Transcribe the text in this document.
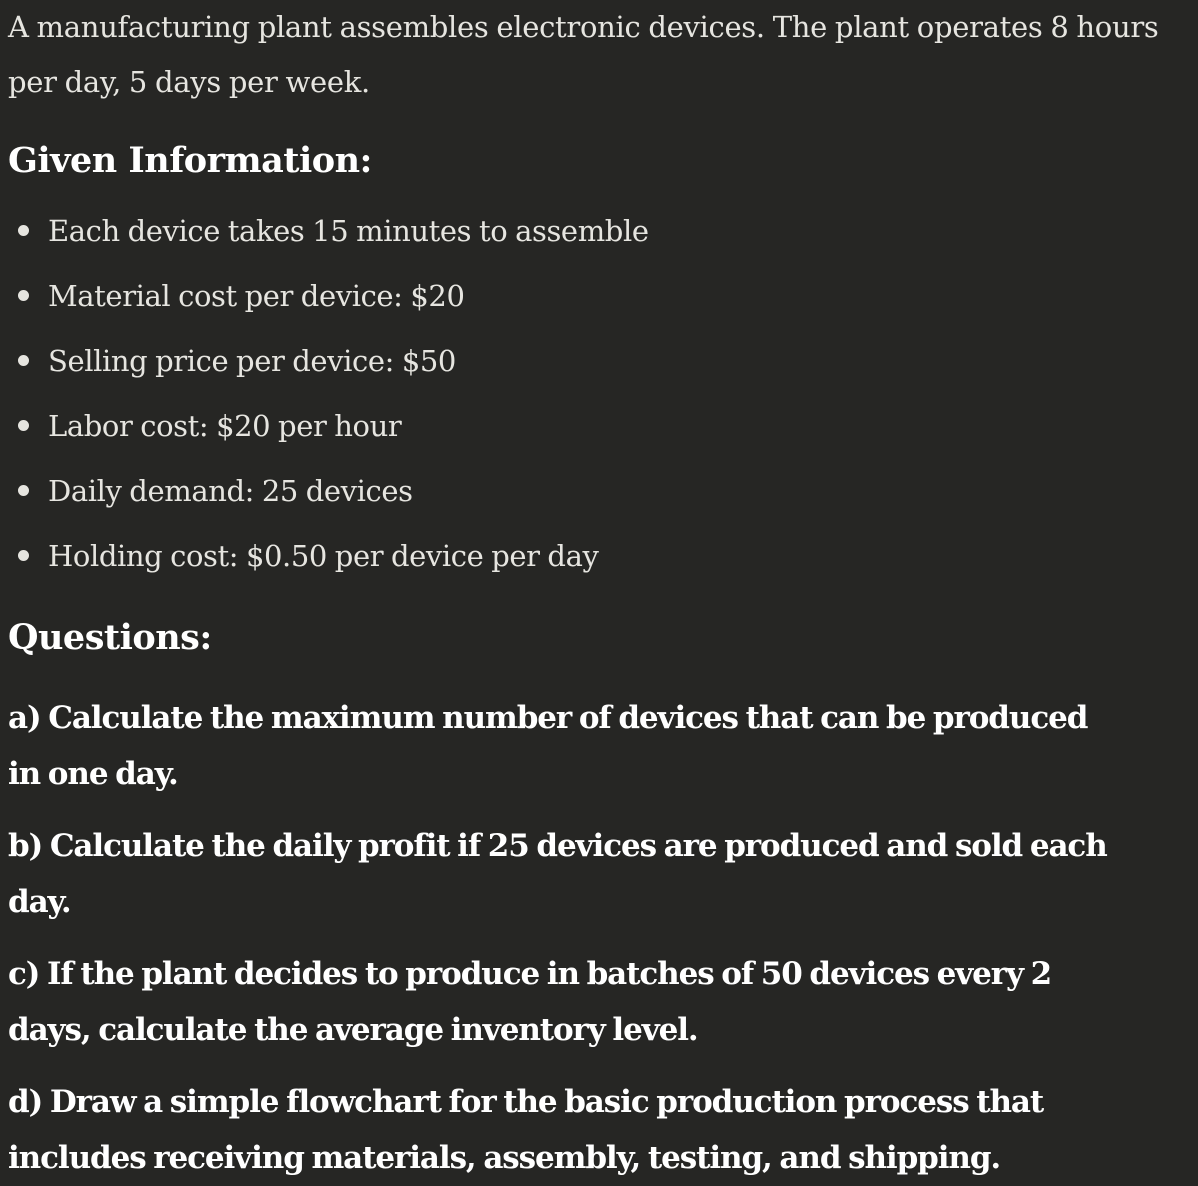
A manufacturing plant assembles electronic devices. The plant operates 8 hours
per day, 5 days per week.

Given Information:
Each device takes 15 minutes to assemble
Material cost per device: $20
Selling price per device: $50
Labor cost: $20 per hour
Daily demand: 25 devices
Holding cost: $0.50 per device per day
Questions:

a) Calculate the maximum number of devices that can be produced
in one day.

b) Calculate the daily profit if 25 devices are produced and sold each
day.

c) If the plant decides to produce in batches of 50 devices every 2
days, calculate the average inventory level.

d) Draw a simple flowchart for the basic production process that
includes receiving materials, assembly, testing, and shipping.
